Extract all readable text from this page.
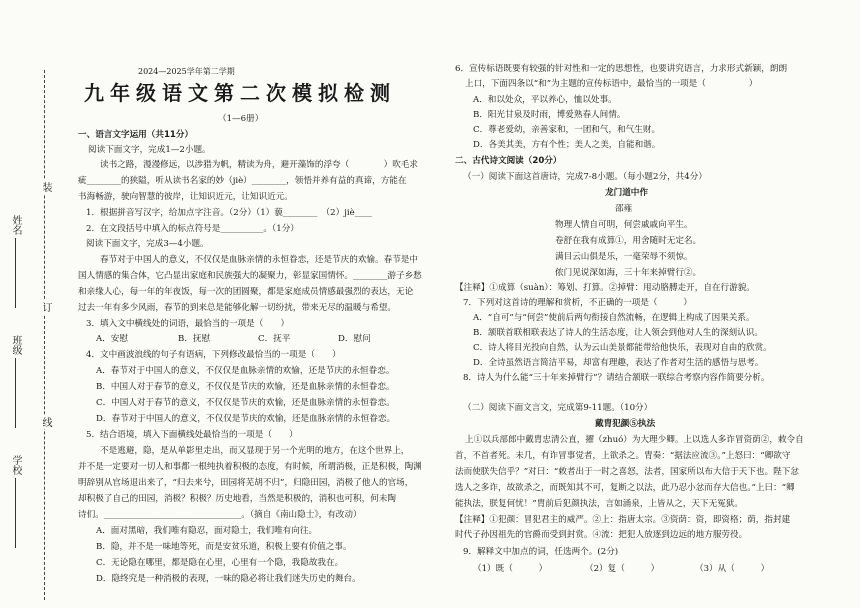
装
订
线
姓名
班级
学校
2024—2025学年第二学期
九年级语文第二次模拟检测
（1—6册）
一、语言文字运用（共11分）
阅读下面文字，完成1—2小题。
读书之路，漫漫修远，以涉猎为帆，精读为舟，避开藻饰的浮夸（　　　　）吹毛求
疵________的狭隘，听从读书名家的妙（jiè）________，领悟并养有益的真谛，方能在
书海畅游，驶向智慧的彼岸，让知识近元，让知识近元。
1．根据拼音写汉字，给加点字注音。（2分）（1）藐________　（2）jiè____
2．在文段括号中填入的标点符号是__________。（1分）
阅读下面文字，完成3—4小题。
春节对于中国人的意义，不仅仅是血脉亲情的永恒眷恋，还是节庆的欢愉。春节是中
国人情感的集合体，它凸显出家庭和民族强大的凝聚力，彰显家国情怀。________游子乡愁
和亲缘人心，每一年的年夜饭，每一次的团圆聚，都是家庭成员情感最强烈的表达，无论
过去一年有多少风雨，春节的到来总是能够化解一切纷扰，带来无尽的温暖与希望。
3．填入文中横线处的词语，最恰当的一项是（　　）
A．安慰	B．抚慰	C．抚平	D．慰问
4．文中画波浪线的句子有语病，下列修改最恰当的一项是（　　）
A．春节对于中国人的意义，不仅仅是血脉亲情的欢愉，还是节庆的永恒眷恋。
B．中国人对于春节的意义，不仅仅是节庆的欢愉，还是血脉亲情的永恒眷恋。
C．中国人对于春节的意义，不仅仅是节庆的欢愉，还是血脉亲情的永恒眷恋。
D．春节对于中国人的意义，不仅仅是节庆的欢愉，还是血脉亲情的永恒眷恋。
5．结合语境，填入下面横线处最恰当的一项是（　　）
不是逃避，隐，是从单影里走出，而又显现于另一个光明的地方，在这个世界上，
并不是一定要对一切人和事都一根纯执着积极的态度，有时候，所谓消极，正是积极，陶渊
明辞别从官场退出来了，“归去来兮，田园将芜胡不归”，归隐田园，消极了他人的官场，
却积极了自己的田园，消极？积极？历史地看，当然是积极的，消积也可积，何未陶
诗们。________________________________。（摘自《南山隐士》，有改动）
A．面对黑暗，我们唯有隐忍，面对隐士，我们唯有向往。
B．隐，并不是一味地等死，而是安贫乐道，积极上要有价值之事。
C．无论隐在哪里，都是隐在心里，心里有一个隐，我隐故我在。
D．隐终究是一种消极的表现，一味的隐必将让我们迷失历史的舞台。
6．宣传标语既要有较强的针对性和一定的思想性，也要讲究语言，力求形式新颖，朗朗
上口，下面四条以“和”为主题的宣传标语中，最恰当的一项是（　　　　　）
A．和以处众，平以养心，恤以处事。
B．阳光甘泉及时雨，博爱熟春人间情。
C．尊老爱幼，亲善家和，一团和气，和气生财。
D．各美其美，方有个性；美人之美，自能和谐。
二、古代诗文阅读（20分）
（一）阅读下面这首唐诗，完成7-8小题。（每小题2分，共4分）
龙门道中作
邵雍
物理人情自可明，何尝戚戚向平生。
卷舒在我有成算①，用舍随时无定名。
满目云山俱是乐，一毫荣辱不须惊。
侬门见说深如海，三十年来掉臂行②。
【注释】①成算（suàn）：筹划、打算。②掉臂：甩动胳膊走开，自在行游貌。
7．下列对这首诗的理解和赏析，不正确的一项是（　　　）
A．“自可”与“何尝”使前后两句衔接自然流畅，在逻辑上构成了因果关系。
B．颔联首联相联表达了诗人的生活态度，让人领会到他对人生的深刻认识。
C．诗人将目光投向自然，认为云山美景都能带给他快乐，表现对自由的欣赏。
D．全诗虽然语言简洁平易，却富有理趣，表达了作者对生活的感悟与思考。
8．诗人为什么能“三十年来掉臂行”？请结合颔联一联综合考察内容作简要分析。
（二）阅读下面文言文，完成第9-11题。（10分）
戴胄犯颜⑤执法
上①以兵部郎中戴胄忠清公直，擢（zhuó）为大理少卿。上以选人多诈冒资荫②，敕令自
首，不首者死。未几，有诈冒事觉者，上欲杀之。胄奏：“据法应流③。”上怒曰：“卿欲守
法而使朕失信乎？”对曰：“敕者出于一时之喜怒，法者，国家所以布大信于天下也。陛下忿
选人之多诈，故欲杀之，而既知其不可，复断之以法，此乃忍小忿而存大信也。”上曰：“卿
能执法，朕复何忧！”胄前后犯颜执法，言如涌泉，上皆从之，天下无冤狱。
【注释】①犯颜：冒犯君主的威严。②上：指唐太宗。③资荫：资，即资格；荫，指封建
时代子孙因祖先的官爵而受到封赏。④流：把犯人放逐到边远的地方服劳役。
9．解释文中加点的词，任选两个。(2分)
（1）既（　　　）	（2）复（　　　）	（3）从（　　　）
